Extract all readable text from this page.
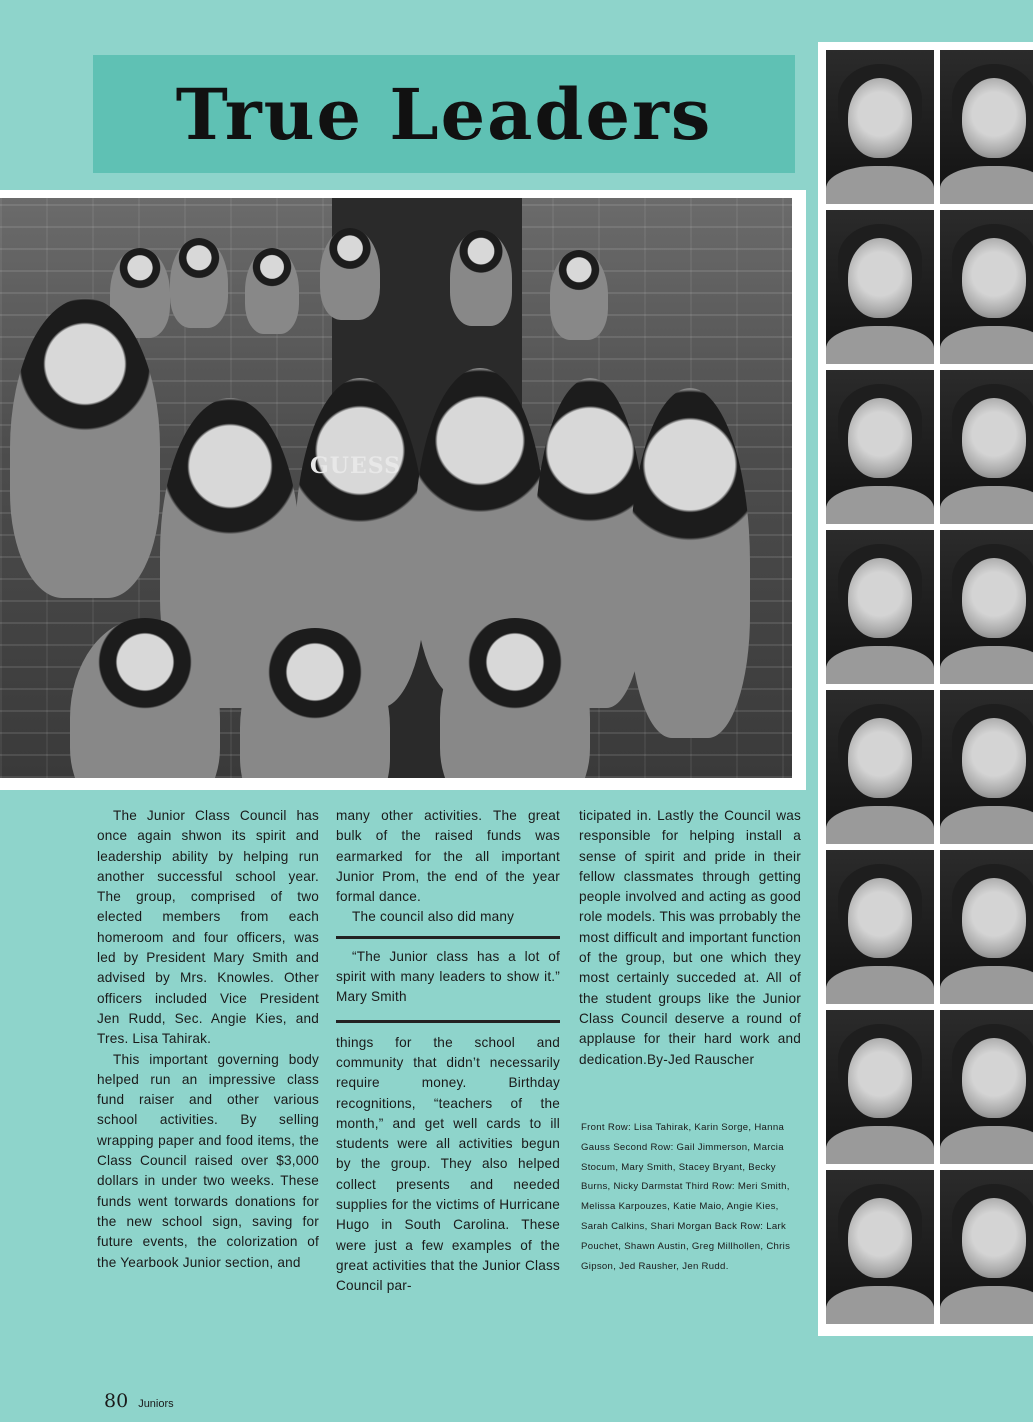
True Leaders
GUESS

The Junior Class Council has once again shwon its spirit and leadership ability by helping run another successful school year. The group, comprised of two elected members from each homeroom and four officers, was led by President Mary Smith and advised by Mrs. Knowles. Other officers included Vice President Jen Rudd, Sec. Angie Kies, and Tres. Lisa Tahirak.

This important governing body helped run an impressive class fund raiser and other various school activities. By selling wrapping paper and food items, the Class Council raised over $3,000 dollars in under two weeks. These funds went torwards donations for the new school sign, saving for future events, the colorization of the Yearbook Junior section, and

many other activities. The great bulk of the raised funds was earmarked for the all important Junior Prom, the end of the year formal dance.

The council also did many

“The Junior class has a lot of spirit with many leaders to show it.” Mary Smith

things for the school and community that didn’t necessarily require money. Birthday recognitions, “teachers of the month,” and get well cards to ill students were all activities begun by the group. They also helped collect presents and needed supplies for the victims of Hurricane Hugo in South Carolina. These were just a few examples of the great activities that the Junior Class Council par-

ticipated in. Lastly the Council was responsible for helping install a sense of spirit and pride in their fellow classmates through getting people involved and acting as good role models. This was prrobably the most difficult and important function of the group, but one which they most certainly succeded at. All of the student groups like the Junior Class Council deserve a round of applause for their hard work and dedication.By-Jed Rauscher

Front Row: Lisa Tahirak, Karin Sorge, Hanna Gauss Second Row: Gail Jimmerson, Marcia Stocum, Mary Smith, Stacey Bryant, Becky Burns, Nicky Darmstat Third Row: Meri Smith, Melissa Karpouzes, Katie Maio, Angie Kies, Sarah Calkins, Shari Morgan Back Row: Lark Pouchet, Shawn Austin, Greg Millhollen, Chris Gipson, Jed Rausher, Jen Rudd.
80 Juniors
